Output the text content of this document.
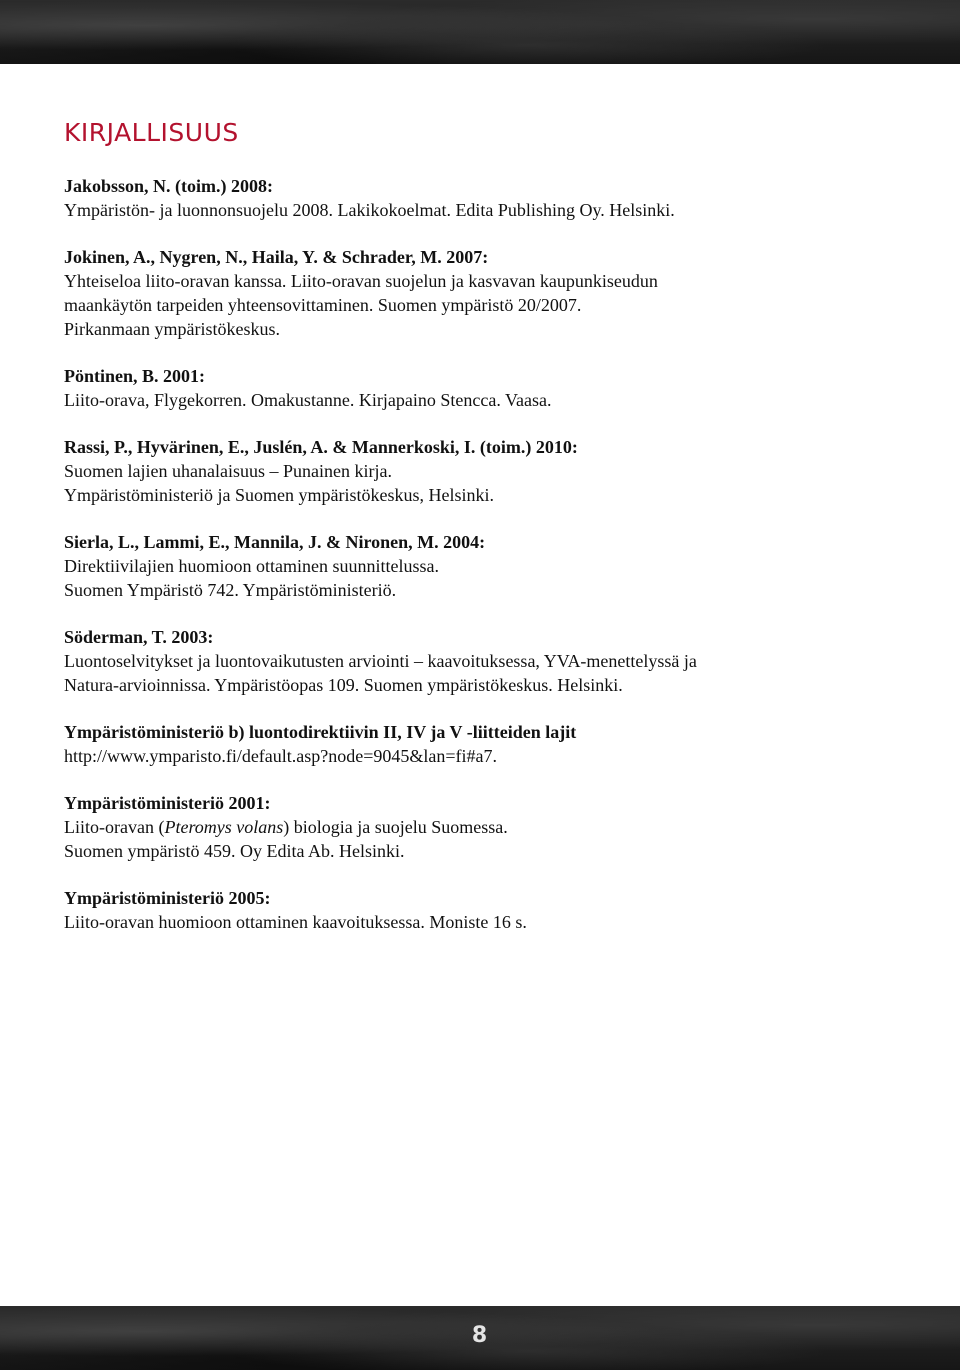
KIRJALLISUUS
Jakobsson, N. (toim.) 2008:
Ympäristön- ja luonnonsuojelu 2008. Lakikokoelmat. Edita Publishing Oy. Helsinki.
Jokinen, A., Nygren, N., Haila, Y. & Schrader, M. 2007:
Yhteiseloa liito-oravan kanssa. Liito-oravan suojelun ja kasvavan kaupunkiseudun
maankäytön tarpeiden yhteensovittaminen. Suomen ympäristö 20/2007.
Pirkanmaan ympäristökeskus.
Pöntinen, B. 2001:
Liito-orava, Flygekorren. Omakustanne. Kirjapaino Stencca. Vaasa.
Rassi, P., Hyvärinen, E., Juslén, A. & Mannerkoski, I. (toim.) 2010:
Suomen lajien uhanalaisuus – Punainen kirja.
Ympäristöministeriö ja Suomen ympäristökeskus, Helsinki.
Sierla, L., Lammi, E., Mannila, J. & Nironen, M. 2004:
Direktiivilajien huomioon ottaminen suunnittelussa.
Suomen Ympäristö 742. Ympäristöministeriö.
Söderman, T. 2003:
Luontoselvitykset ja luontovaikutusten arviointi – kaavoituksessa, YVA-menettelyssä ja
Natura-arvioinnissa. Ympäristöopas 109. Suomen ympäristökeskus. Helsinki.
Ympäristöministeriö b) luontodirektiivin II, IV ja V -liitteiden lajit
http://www.ymparisto.fi/default.asp?node=9045&lan=fi#a7.
Ympäristöministeriö 2001:
Liito-oravan (Pteromys volans) biologia ja suojelu Suomessa.
Suomen ympäristö 459. Oy Edita Ab. Helsinki.
Ympäristöministeriö 2005:
Liito-oravan huomioon ottaminen kaavoituksessa. Moniste 16 s.
8
